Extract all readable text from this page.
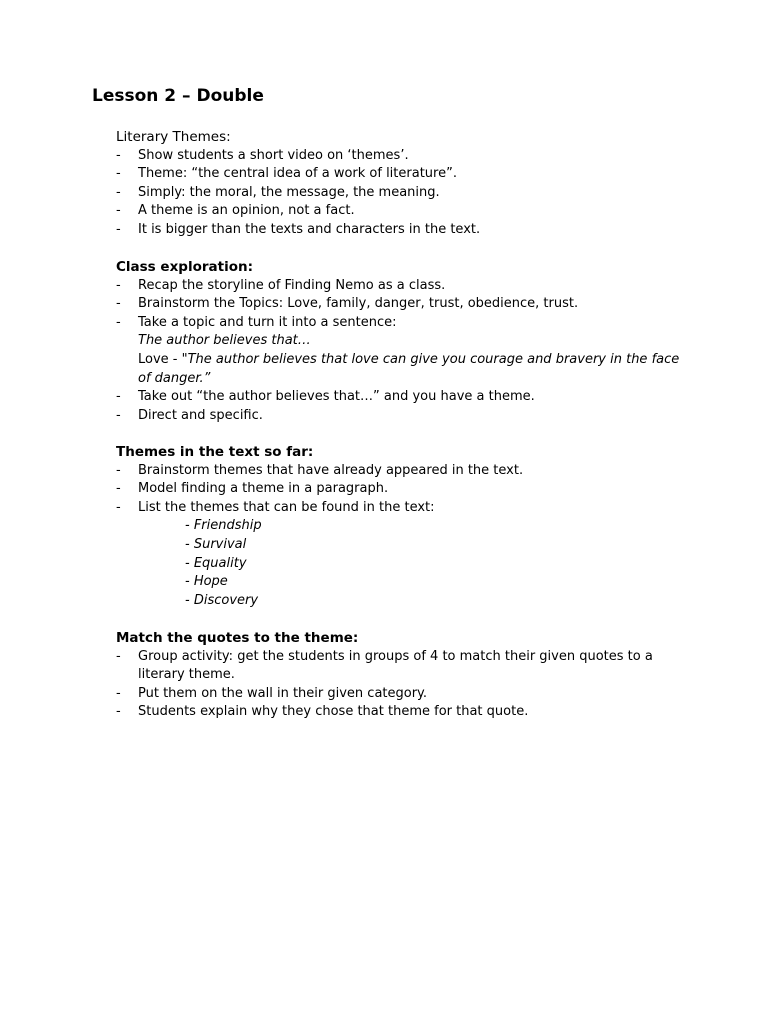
Lesson 2 – Double
Literary Themes:
-	Show students a short video on ‘themes’.
-	Theme: “the central idea of a work of literature”.
-	Simply: the moral, the message, the meaning.
-	A theme is an opinion, not a fact.
-	It is bigger than the texts and characters in the text.
Class exploration:
-	Recap the storyline of Finding Nemo as a class.
-	Brainstorm the Topics: Love, family, danger, trust, obedience, trust.
-	Take a topic and turn it into a sentence:
The author believes that…
Love - "The author believes that love can give you courage and bravery in the face
of danger.”
-	Take out “the author believes that…” and you have a theme.
-	Direct and specific.
Themes in the text so far:
-	Brainstorm themes that have already appeared in the text.
-	Model finding a theme in a paragraph.
-	List the themes that can be found in the text:
- Friendship
- Survival
- Equality
- Hope
- Discovery
Match the quotes to the theme:
-	Group activity: get the students in groups of 4 to match their given quotes to a
literary theme.
-	Put them on the wall in their given category.
-	Students explain why they chose that theme for that quote.
